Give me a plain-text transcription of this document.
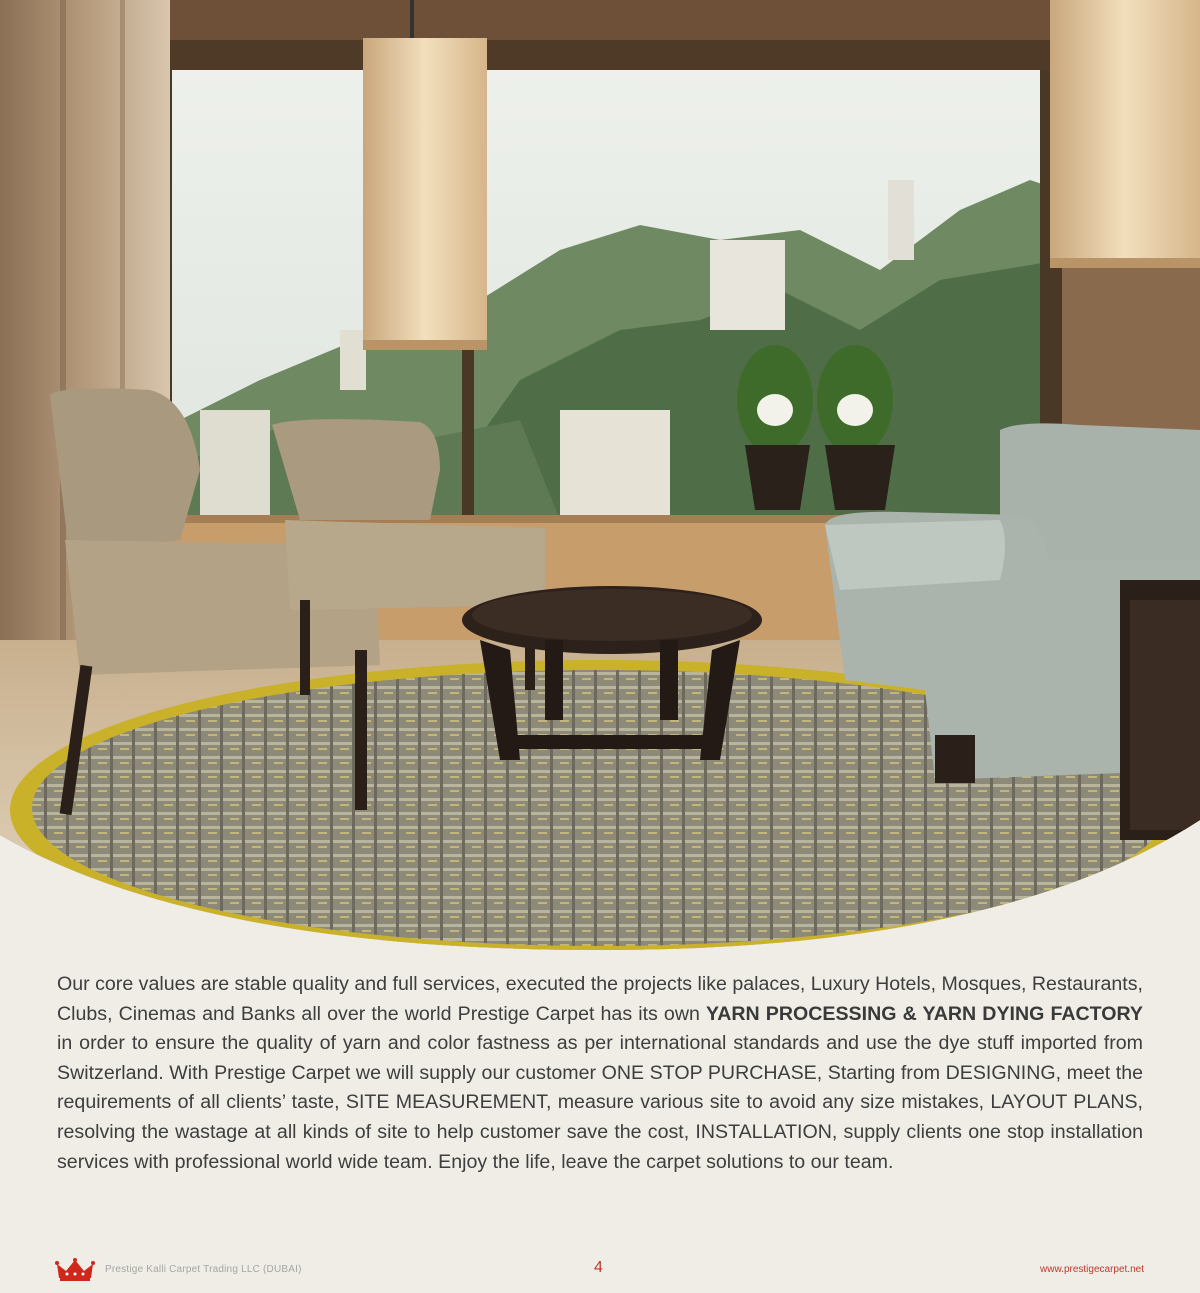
Our core values are stable quality and full services, executed the projects like palaces, Luxury Hotels, Mosques, Restaurants, Clubs, Cinemas and Banks all over the world Prestige Carpet has its own YARN PROCESSING & YARN DYING FACTORY in order to ensure the quality of yarn and color fastness as per international standards and use the dye stuff imported from Switzerland. With Prestige Carpet we will supply our customer ONE STOP PURCHASE, Starting from DESIGNING, meet the requirements of all clients’ taste, SITE MEASUREMENT, measure various site to avoid any size mistakes, LAYOUT PLANS, resolving the wastage at all kinds of site to help customer save the cost, INSTALLATION, supply clients one stop installation services with professional world wide team. Enjoy the life, leave the carpet solutions to our team.

Prestige Kalli Carpet Trading LLC (DUBAI)	4	www.prestigecarpet.net
